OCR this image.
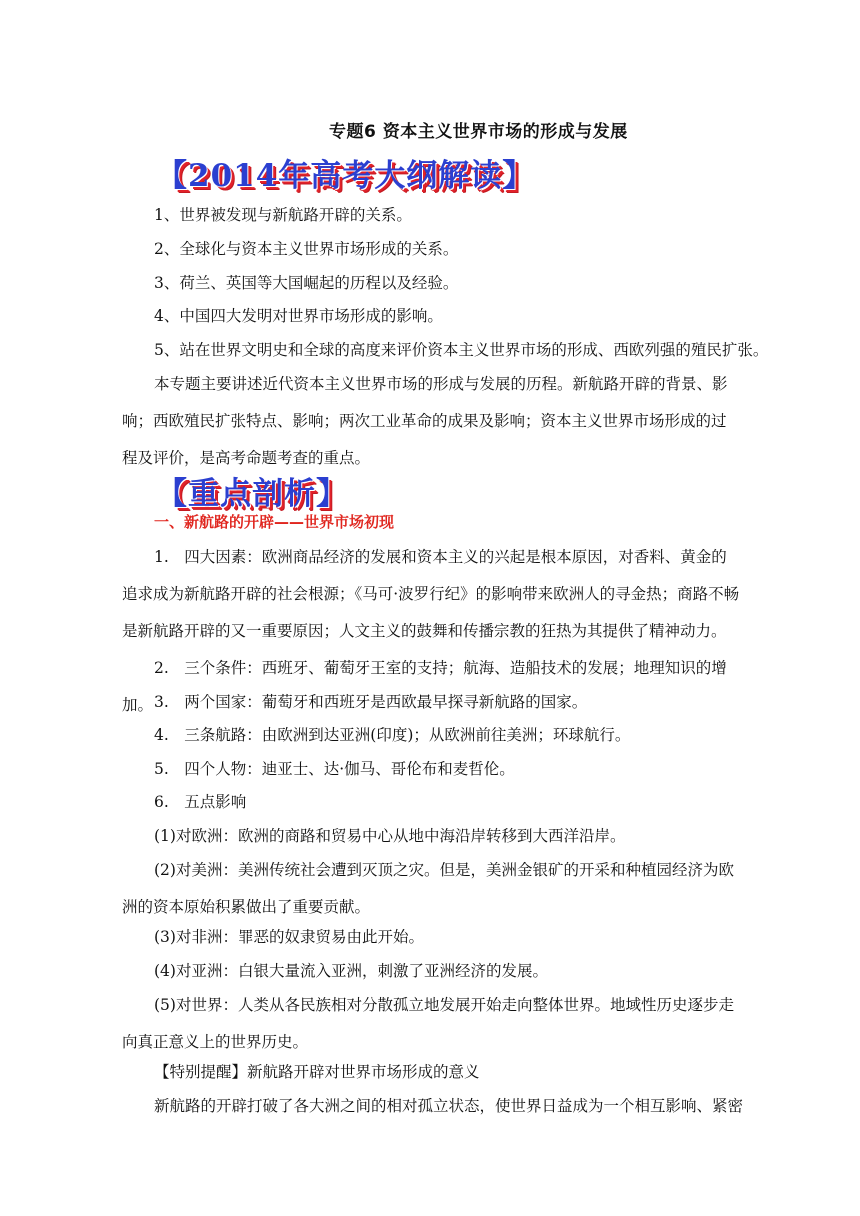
专题6 资本主义世界市场的形成与发展
【2014年高考大纲解读】
1、世界被发现与新航路开辟的关系。
2、全球化与资本主义世界市场形成的关系。
3、荷兰、英国等大国崛起的历程以及经验。
4、中国四大发明对世界市场形成的影响。
5、站在世界文明史和全球的高度来评价资本主义世界市场的形成、西欧列强的殖民扩张。
本专题主要讲述近代资本主义世界市场的形成与发展的历程。新航路开辟的背景、影响；西欧殖民扩张特点、影响；两次工业革命的成果及影响；资本主义世界市场形成的过程及评价，是高考命题考查的重点。
【重点剖析】
一、新航路的开辟——世界市场初现
1.　四大因素：欧洲商品经济的发展和资本主义的兴起是根本原因，对香料、黄金的追求成为新航路开辟的社会根源；《马可·波罗行纪》的影响带来欧洲人的寻金热；商路不畅是新航路开辟的又一重要原因；人文主义的鼓舞和传播宗教的狂热为其提供了精神动力。
2.　三个条件：西班牙、葡萄牙王室的支持；航海、造船技术的发展；地理知识的增加。 3.　两个国家：葡萄牙和西班牙是西欧最早探寻新航路的国家。
4.　三条航路：由欧洲到达亚洲(印度)；从欧洲前往美洲；环球航行。
5.　四个人物：迪亚士、达·伽马、哥伦布和麦哲伦。
6.　五点影响
(1)对欧洲：欧洲的商路和贸易中心从地中海沿岸转移到大西洋沿岸。
(2)对美洲：美洲传统社会遭到灭顶之灾。但是，美洲金银矿的开采和种植园经济为欧洲的资本原始积累做出了重要贡献。
(3)对非洲：罪恶的奴隶贸易由此开始。
(4)对亚洲：白银大量流入亚洲，刺激了亚洲经济的发展。
(5)对世界：人类从各民族相对分散孤立地发展开始走向整体世界。地域性历史逐步走向真正意义上的世界历史。
【特别提醒】新航路开辟对世界市场形成的意义
新航路的开辟打破了各大洲之间的相对孤立状态，使世界日益成为一个相互影响、紧密
